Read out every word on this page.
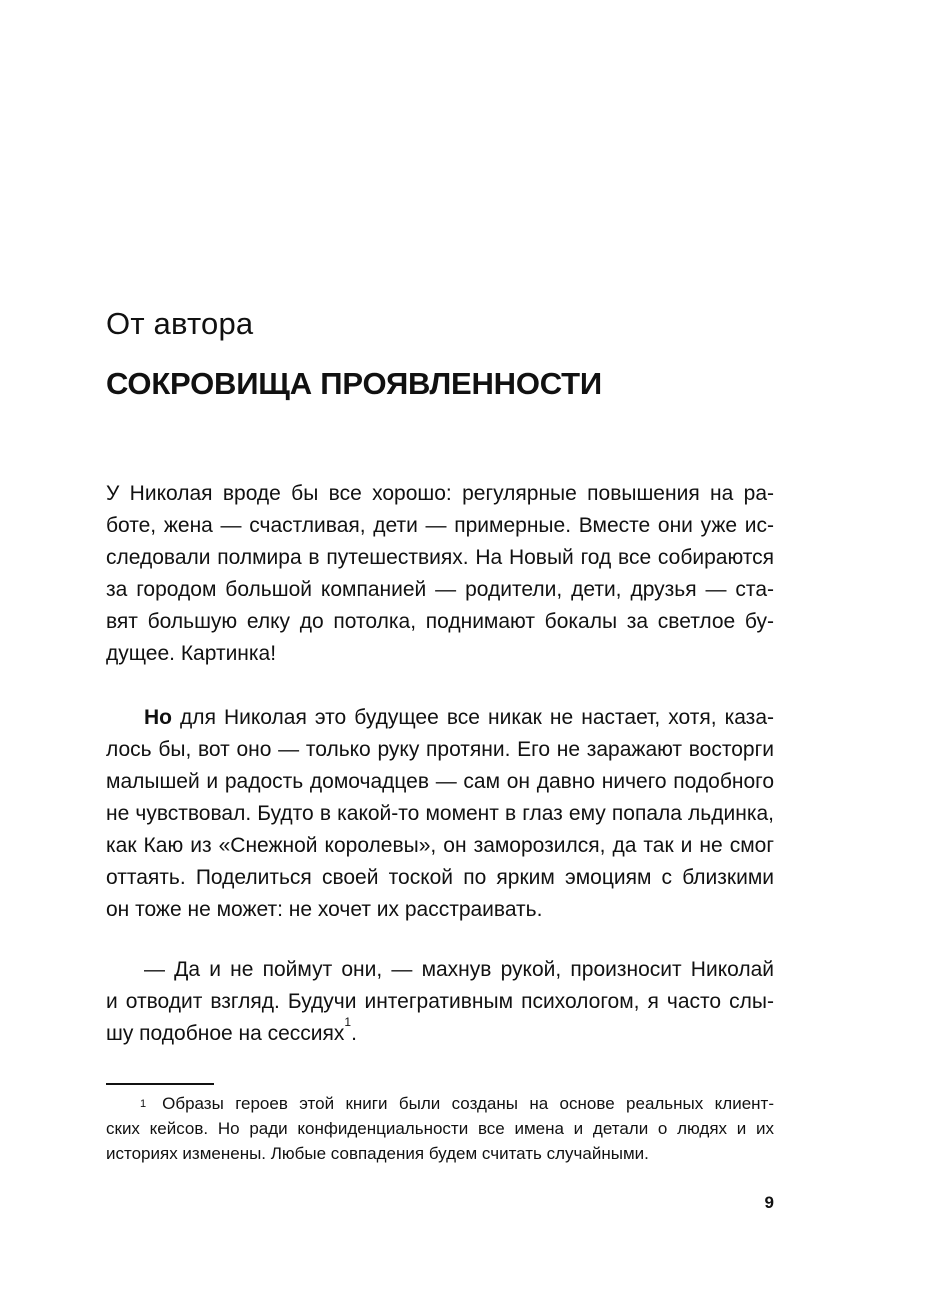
От автора
СОКРОВИЩА ПРОЯВЛЕННОСТИ
У Николая вроде бы все хорошо: регулярные повышения на ра-
боте, жена — счастливая, дети — примерные. Вместе они уже ис-
следовали полмира в путешествиях. На Новый год все собираются
за городом большой компанией — родители, дети, друзья — ста-
вят большую елку до потолка, поднимают бокалы за светлое бу-
дущее. Картинка!
Но для Николая это будущее все никак не настает, хотя, каза-
лось бы, вот оно — только руку протяни. Его не заражают восторги
малышей и радость домочадцев — сам он давно ничего подобного
не чувствовал. Будто в какой-то момент в глаз ему попала льдинка,
как Каю из «Снежной королевы», он заморозился, да так и не смог
оттаять. Поделиться своей тоской по ярким эмоциям с близкими
он тоже не может: не хочет их расстраивать.
— Да и не поймут они, — махнув рукой, произносит Николай
и отводит взгляд. Будучи интегративным психологом, я часто слы-
шу подобное на сессиях$^1$.
$^1$ Образы героев этой книги были созданы на основе реальных клиент-
ских кейсов. Но ради конфиденциальности все имена и детали о людях и их
историях изменены. Любые совпадения будем считать случайными.
9
